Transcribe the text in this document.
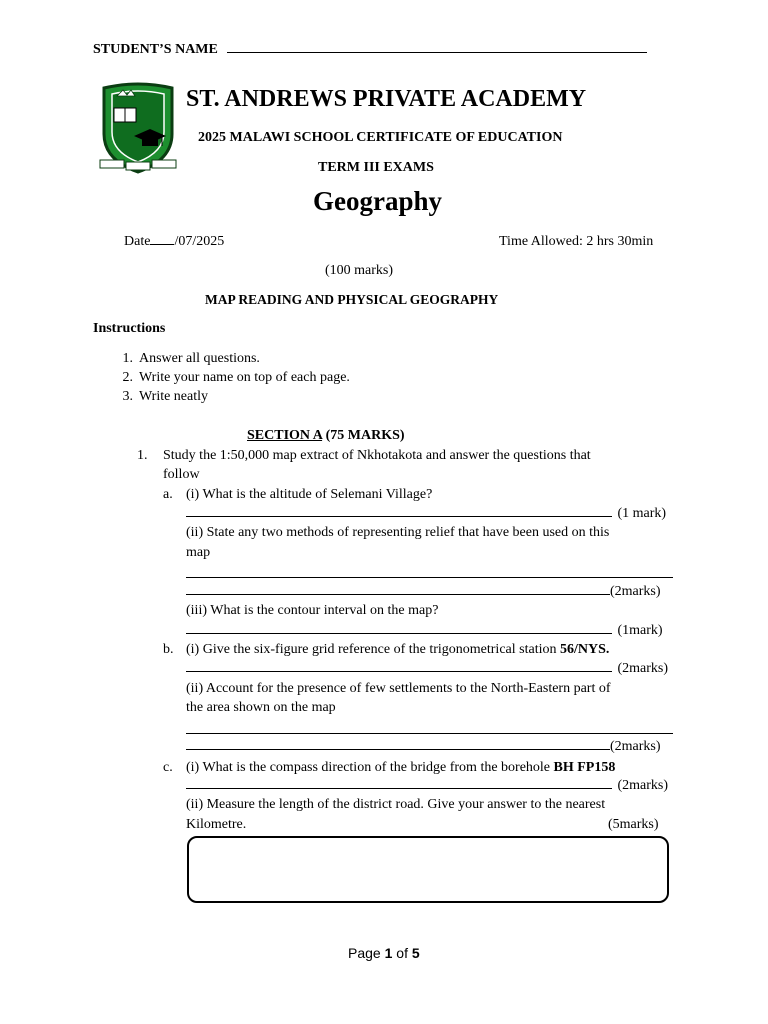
STUDENT’S NAME
ST. ANDREWS PRIVATE ACADEMY
2025 MALAWI SCHOOL CERTIFICATE OF EDUCATION
TERM III EXAMS
Geography
Date /07/2025	Time Allowed: 2 hrs 30min
(100 marks)
MAP READING AND PHYSICAL GEOGRAPHY
Instructions
1. Answer all questions.
2. Write your name on top of each page.
3. Write neatly
SECTION A (75 MARKS)
1. Study the 1:50,000 map extract of Nkhotakota and answer the questions that
follow
a. (i) What is the altitude of Selemani Village?
(1 mark)
(ii) State any two methods of representing relief that have been used on this
map
(2marks)
(iii) What is the contour interval on the map?
(1mark)
b. (i) Give the six-figure grid reference of the trigonometrical station 56/NYS.
(2marks)
(ii) Account for the presence of few settlements to the North-Eastern part of
the area shown on the map
(2marks)
c. (i) What is the compass direction of the bridge from the borehole BH FP158
(2marks)
(ii) Measure the length of the district road. Give your answer to the nearest
Kilometre.	(5marks)
Page 1 of 5
